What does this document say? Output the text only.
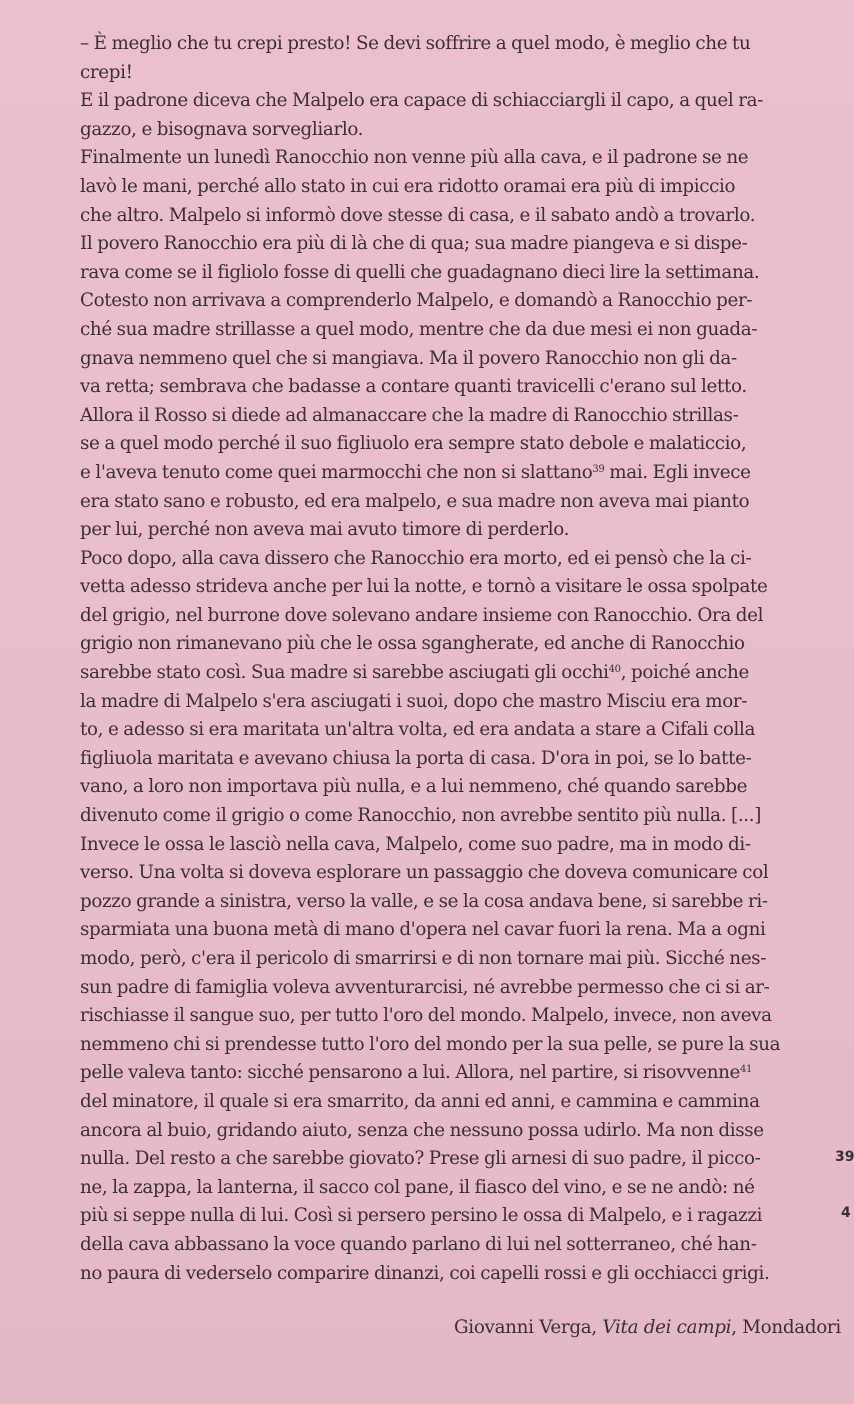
– È meglio che tu crepi presto! Se devi soffrire a quel modo, è meglio che tu
crepi!
E il padrone diceva che Malpelo era capace di schiacciargli il capo, a quel ra-
gazzo, e bisognava sorvegliarlo.
Finalmente un lunedì Ranocchio non venne più alla cava, e il padrone se ne
lavò le mani, perché allo stato in cui era ridotto oramai era più di impiccio
che altro. Malpelo si informò dove stesse di casa, e il sabato andò a trovarlo.
Il povero Ranocchio era più di là che di qua; sua madre piangeva e si dispe-
rava come se il figliolo fosse di quelli che guadagnano dieci lire la settimana.
Cotesto non arrivava a comprenderlo Malpelo, e domandò a Ranocchio per-
ché sua madre strillasse a quel modo, mentre che da due mesi ei non guada-
gnava nemmeno quel che si mangiava. Ma il povero Ranocchio non gli da-
va retta; sembrava che badasse a contare quanti travicelli c'erano sul letto.
Allora il Rosso si diede ad almanaccare che la madre di Ranocchio strillas-
se a quel modo perché il suo figliuolo era sempre stato debole e malaticcio,
e l'aveva tenuto come quei marmocchi che non si slattano$^{39}$ mai. Egli invece
era stato sano e robusto, ed era malpelo, e sua madre non aveva mai pianto
per lui, perché non aveva mai avuto timore di perderlo.
Poco dopo, alla cava dissero che Ranocchio era morto, ed ei pensò che la ci-
vetta adesso strideva anche per lui la notte, e tornò a visitare le ossa spolpate
del grigio, nel burrone dove solevano andare insieme con Ranocchio. Ora del
grigio non rimanevano più che le ossa sgangherate, ed anche di Ranocchio
sarebbe stato così. Sua madre si sarebbe asciugati gli occhi$^{40}$, poiché anche
la madre di Malpelo s'era asciugati i suoi, dopo che mastro Misciu era mor-
to, e adesso si era maritata un'altra volta, ed era andata a stare a Cifali colla
figliuola maritata e avevano chiusa la porta di casa. D'ora in poi, se lo batte-
vano, a loro non importava più nulla, e a lui nemmeno, ché quando sarebbe
divenuto come il grigio o come Ranocchio, non avrebbe sentito più nulla. [...]
Invece le ossa le lasciò nella cava, Malpelo, come suo padre, ma in modo di-
verso. Una volta si doveva esplorare un passaggio che doveva comunicare col
pozzo grande a sinistra, verso la valle, e se la cosa andava bene, si sarebbe ri-
sparmiata una buona metà di mano d'opera nel cavar fuori la rena. Ma a ogni
modo, però, c'era il pericolo di smarrirsi e di non tornare mai più. Sicché nes-
sun padre di famiglia voleva avventurarcisi, né avrebbe permesso che ci si ar-
rischiasse il sangue suo, per tutto l'oro del mondo. Malpelo, invece, non aveva
nemmeno chi si prendesse tutto l'oro del mondo per la sua pelle, se pure la sua
pelle valeva tanto: sicché pensarono a lui. Allora, nel partire, si risovvenne$^{41}$
del minatore, il quale si era smarrito, da anni ed anni, e cammina e cammina
ancora al buio, gridando aiuto, senza che nessuno possa udirlo. Ma non disse
nulla. Del resto a che sarebbe giovato? Prese gli arnesi di suo padre, il picco-
ne, la zappa, la lanterna, il sacco col pane, il fiasco del vino, e se ne andò: né
più si seppe nulla di lui. Così si persero persino le ossa di Malpelo, e i ragazzi
della cava abbassano la voce quando parlano di lui nel sotterraneo, ché han-
no paura di vederselo comparire dinanzi, coi capelli rossi e gli occhiacci grigi.
Giovanni Verga, Vita dei campi, Mondadori
39
4
